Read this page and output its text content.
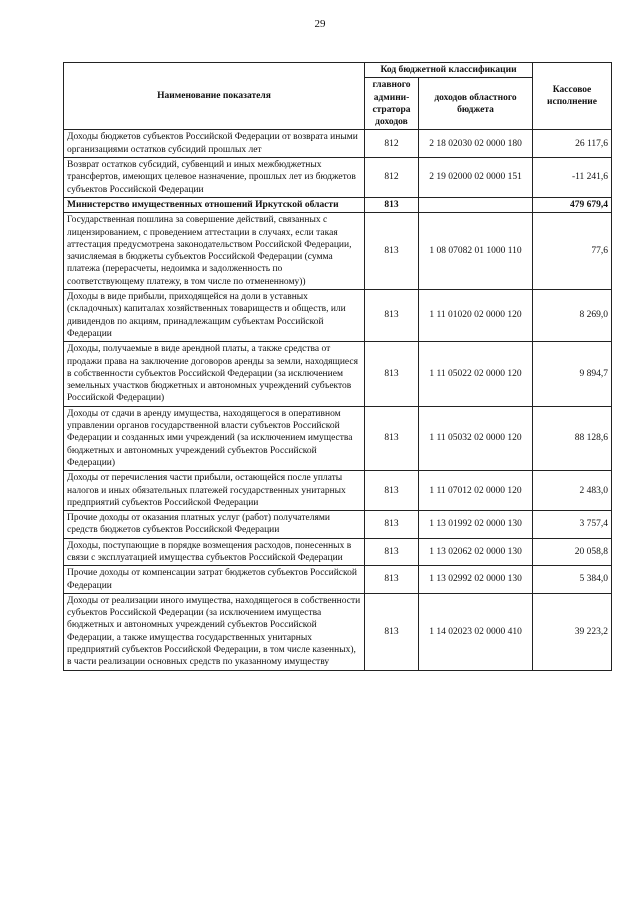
29
Наименование показателя	Код бюджетной классификации		Кассовое исполнение
	главного админи-стратора доходов	доходов областного бюджета	
Доходы бюджетов субъектов Российской Федерации от возврата иными организациями остатков субсидий прошлых лет	812	2 18 02030 02 0000 180	26 117,6
Возврат остатков субсидий, субвенций и иных межбюджетных трансфертов, имеющих целевое назначение, прошлых лет из бюджетов субъектов Российской Федерации	812	2 19 02000 02 0000 151	-11 241,6
Министерство имущественных отношений Иркутской области	813		479 679,4
Государственная пошлина за совершение действий, связанных с лицензированием, с проведением аттестации в случаях, если такая аттестация предусмотрена законодательством Российской Федерации, зачисляемая в бюджеты субъектов Российской Федерации (сумма платежа (перерасчеты, недоимка и задолженность по соответствующему платежу, в том числе по отмененному))	813	1 08 07082 01 1000 110	77,6
Доходы в виде прибыли, приходящейся на доли в уставных (складочных) капиталах хозяйственных товариществ и обществ, или дивидендов по акциям, принадлежащим субъектам Российской Федерации	813	1 11 01020 02 0000 120	8 269,0
Доходы, получаемые в виде арендной платы, а также средства от продажи права на заключение договоров аренды за земли, находящиеся в собственности субъектов Российской Федерации (за исключением земельных участков бюджетных и автономных учреждений субъектов Российской Федерации)	813	1 11 05022 02 0000 120	9 894,7
Доходы от сдачи в аренду имущества, находящегося в оперативном управлении органов государственной власти субъектов Российской Федерации и созданных ими учреждений (за исключением имущества бюджетных и автономных учреждений субъектов Российской Федерации)	813	1 11 05032 02 0000 120	88 128,6
Доходы от перечисления части прибыли, остающейся после уплаты налогов и иных обязательных платежей государственных унитарных предприятий субъектов Российской Федерации	813	1 11 07012 02 0000 120	2 483,0
Прочие доходы от оказания платных услуг (работ) получателями средств бюджетов субъектов Российской Федерации	813	1 13 01992 02 0000 130	3 757,4
Доходы, поступающие в порядке возмещения расходов, понесенных в связи с эксплуатацией имущества субъектов Российской Федерации	813	1 13 02062 02 0000 130	20 058,8
Прочие доходы от компенсации затрат бюджетов субъектов Российской Федерации	813	1 13 02992 02 0000 130	5 384,0
Доходы от реализации иного имущества, находящегося в собственности субъектов Российской Федерации (за исключением имущества бюджетных и автономных учреждений субъектов Российской Федерации, а также имущества государственных унитарных предприятий субъектов Российской Федерации, в том числе казенных), в части реализации основных средств по указанному имуществу	813	1 14 02023 02 0000 410	39 223,2
